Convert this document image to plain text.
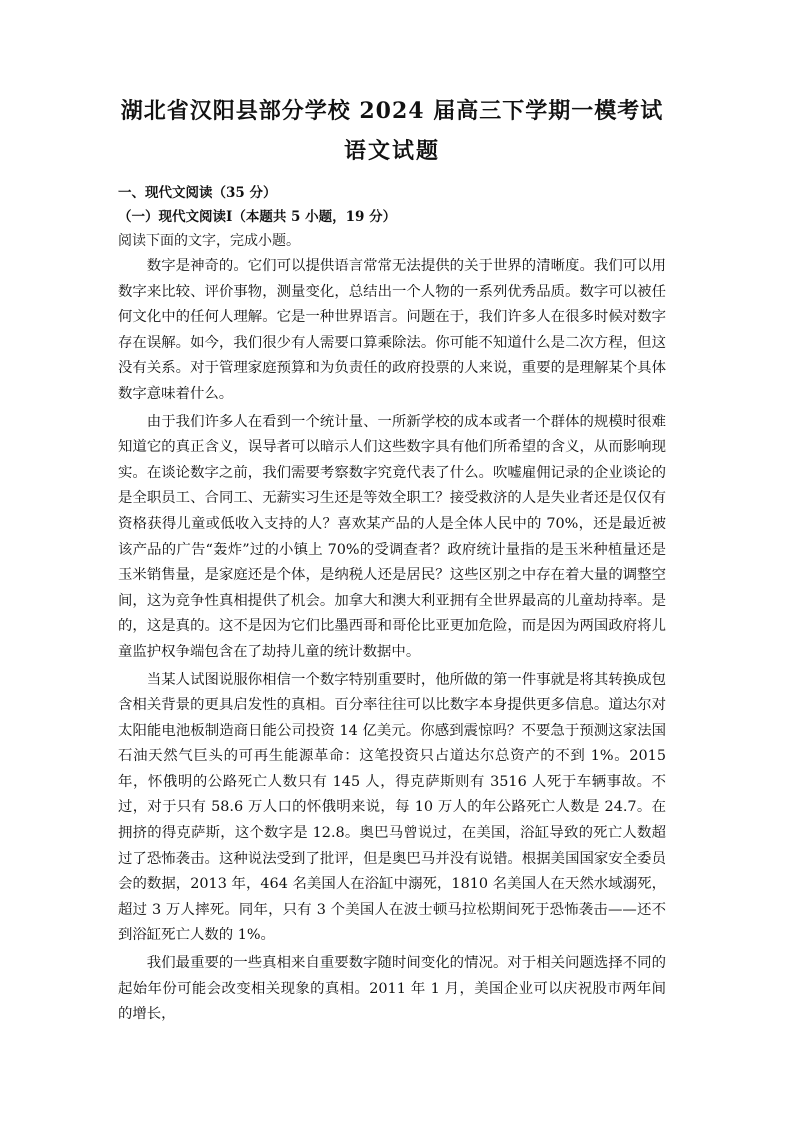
湖北省汉阳县部分学校 2024 届高三下学期一模考试
语文试题
一、现代文阅读（35 分）
（一）现代文阅读Ⅰ（本题共 5 小题，19 分）
阅读下面的文字，完成小题。

数字是神奇的。它们可以提供语言常常无法提供的关于世界的清晰度。我们可以用数字来比较、评价事物，测量变化，总结出一个人物的一系列优秀品质。数字可以被任何文化中的任何人理解。它是一种世界语言。问题在于，我们许多人在很多时候对数字存在误解。如今，我们很少有人需要口算乘除法。你可能不知道什么是二次方程，但这没有关系。对于管理家庭预算和为负责任的政府投票的人来说，重要的是理解某个具体数字意味着什么。

由于我们许多人在看到一个统计量、一所新学校的成本或者一个群体的规模时很难知道它的真正含义，误导者可以暗示人们这些数字具有他们所希望的含义，从而影响现实。在谈论数字之前，我们需要考察数字究竟代表了什么。吹嘘雇佣记录的企业谈论的是全职员工、合同工、无薪实习生还是等效全职工？接受救济的人是失业者还是仅仅有资格获得儿童或低收入支持的人？喜欢某产品的人是全体人民中的 70%，还是最近被该产品的广告“轰炸”过的小镇上 70%的受调查者？政府统计量指的是玉米种植量还是玉米销售量，是家庭还是个体，是纳税人还是居民？这些区别之中存在着大量的调整空间，这为竞争性真相提供了机会。加拿大和澳大利亚拥有全世界最高的儿童劫持率。是的，这是真的。这不是因为它们比墨西哥和哥伦比亚更加危险，而是因为两国政府将儿童监护权争端包含在了劫持儿童的统计数据中。

当某人试图说服你相信一个数字特别重要时，他所做的第一件事就是将其转换成包含相关背景的更具启发性的真相。百分率往往可以比数字本身提供更多信息。道达尔对太阳能电池板制造商日能公司投资 14 亿美元。你感到震惊吗？不要急于预测这家法国石油天然气巨头的可再生能源革命：这笔投资只占道达尔总资产的不到 1%。2015 年，怀俄明的公路死亡人数只有 145 人，得克萨斯则有 3516 人死于车辆事故。不过，对于只有 58.6 万人口的怀俄明来说，每 10 万人的年公路死亡人数是 24.7。在拥挤的得克萨斯，这个数字是 12.8。奥巴马曾说过，在美国，浴缸导致的死亡人数超过了恐怖袭击。这种说法受到了批评，但是奥巴马并没有说错。根据美国国家安全委员会的数据，2013 年，464 名美国人在浴缸中溺死，1810 名美国人在天然水域溺死，超过 3 万人摔死。同年，只有 3 个美国人在波士顿马拉松期间死于恐怖袭击——还不到浴缸死亡人数的 1%。

我们最重要的一些真相来自重要数字随时间变化的情况。对于相关问题选择不同的起始年份可能会改变相关现象的真相。2011 年 1 月，美国企业可以庆祝股市两年间的增长，
